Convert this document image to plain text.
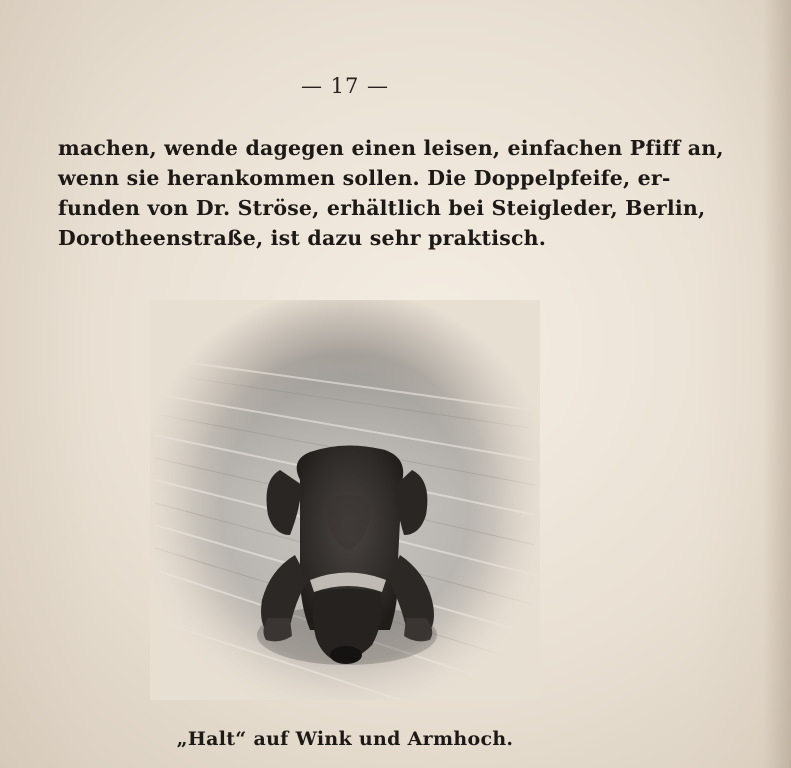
— 17 —
machen, wende dagegen einen leisen, einfachen Pfiff an,
wenn sie herankommen sollen. Die Doppelpfeife, er-
funden von Dr. Ströse, erhältlich bei Steigleder, Berlin,
Dorotheenstraße, ist dazu sehr praktisch.
„Halt“ auf Wink und Armhoch.
